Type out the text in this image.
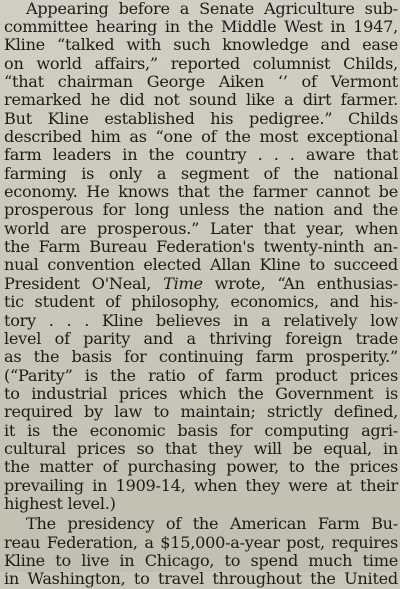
Appearing before a Senate Agriculture sub-
committee hearing in the Middle West in 1947,
Kline “talked with such knowledge and ease
on world affairs,” reported columnist Childs,
“that chairman George Aiken ‘’ of Vermont
remarked he did not sound like a dirt farmer.
But Kline established his pedigree.” Childs
described him as “one of the most exceptional
farm leaders in the country . . . aware that
farming is only a segment of the national
economy. He knows that the farmer cannot be
prosperous for long unless the nation and the
world are prosperous.” Later that year, when
the Farm Bureau Federation's twenty-ninth an-
nual convention elected Allan Kline to succeed
President O'Neal, Time wrote, “An enthusias-
tic student of philosophy, economics, and his-
tory . . . Kline believes in a relatively low
level of parity and a thriving foreign trade
as the basis for continuing farm prosperity.”
(“Parity” is the ratio of farm product prices
to industrial prices which the Government is
required by law to maintain; strictly defined,
it is the economic basis for computing agri-
cultural prices so that they will be equal, in
the matter of purchasing power, to the prices
prevailing in 1909-14, when they were at their
highest level.)
The presidency of the American Farm Bu-
reau Federation, a $15,000-a-year post, requires
Kline to live in Chicago, to spend much time
in Washington, to travel throughout the United
